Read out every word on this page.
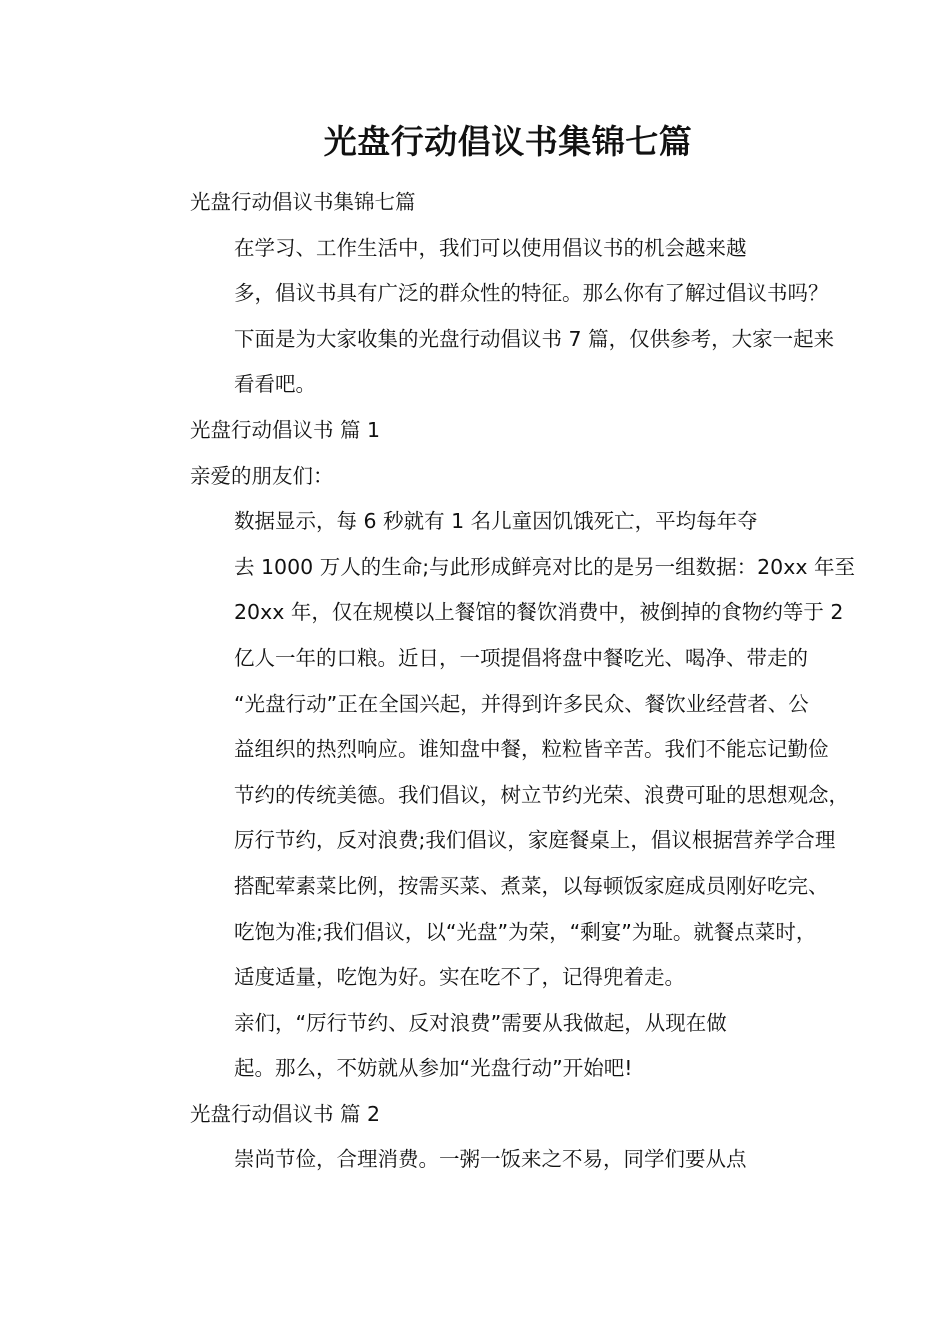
光盘行动倡议书集锦七篇

光盘行动倡议书集锦七篇

在学习、工作生活中，我们可以使用倡议书的机会越来越
多，倡议书具有广泛的群众性的特征。那么你有了解过倡议书吗？
下面是为大家收集的光盘行动倡议书 7 篇，仅供参考，大家一起来
看看吧。

光盘行动倡议书 篇 1

亲爱的朋友们：

数据显示，每 6 秒就有 1 名儿童因饥饿死亡，平均每年夺
去 1000 万人的生命;与此形成鲜亮对比的是另一组数据：20xx 年至
20xx 年，仅在规模以上餐馆的餐饮消费中，被倒掉的食物约等于 2
亿人一年的口粮。近日，一项提倡将盘中餐吃光、喝净、带走的
“光盘行动”正在全国兴起，并得到许多民众、餐饮业经营者、公
益组织的热烈响应。谁知盘中餐，粒粒皆辛苦。我们不能忘记勤俭
节约的传统美德。我们倡议，树立节约光荣、浪费可耻的思想观念，
厉行节约，反对浪费;我们倡议，家庭餐桌上，倡议根据营养学合理
搭配荤素菜比例，按需买菜、煮菜，以每顿饭家庭成员刚好吃完、
吃饱为准;我们倡议，以“光盘”为荣，“剩宴”为耻。就餐点菜时，
适度适量，吃饱为好。实在吃不了，记得兜着走。

亲们，“厉行节约、反对浪费”需要从我做起，从现在做
起。那么，不妨就从参加“光盘行动”开始吧!

光盘行动倡议书 篇 2

崇尚节俭，合理消费。一粥一饭来之不易，同学们要从点
